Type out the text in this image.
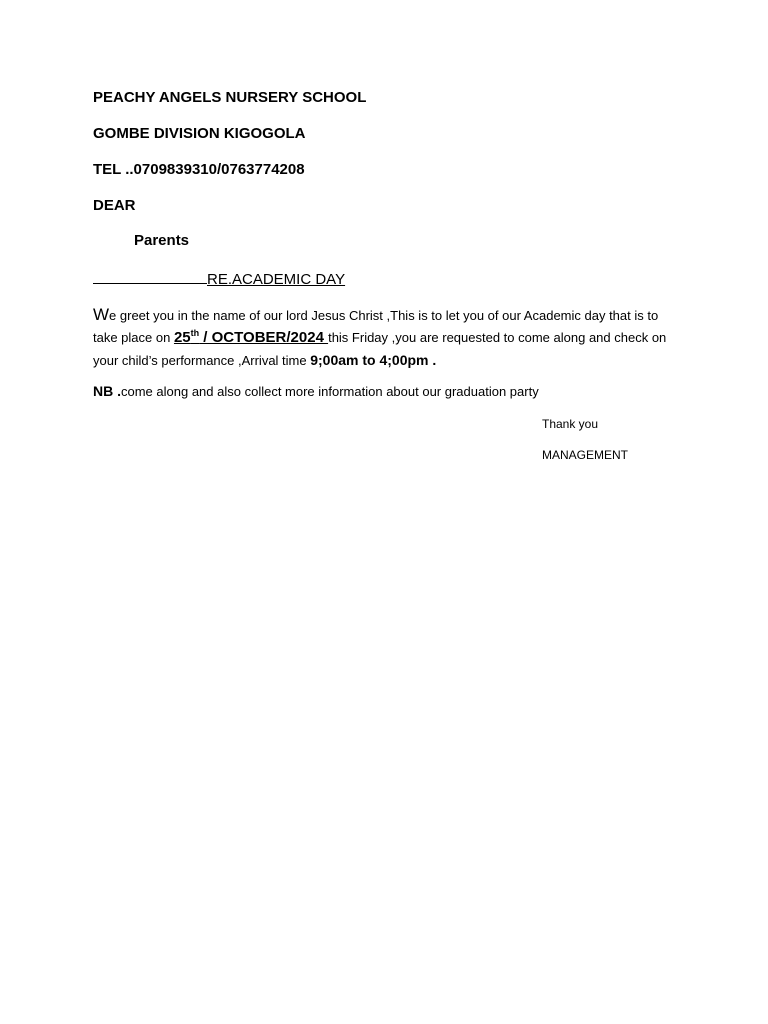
PEACHY ANGELS NURSERY SCHOOL
GOMBE DIVISION KIGOGOLA
TEL ..0709839310/0763774208
DEAR
Parents
RE.ACADEMIC DAY
We greet you in the name of our lord Jesus Christ ,This is to let you of our Academic day that is to take place on 25th / OCTOBER/2024 this Friday ,you are requested to come along and check on your child’s performance ,Arrival time 9;00am to 4;00pm .
NB .come along and also collect more information about our graduation party
Thank you
MANAGEMENT
